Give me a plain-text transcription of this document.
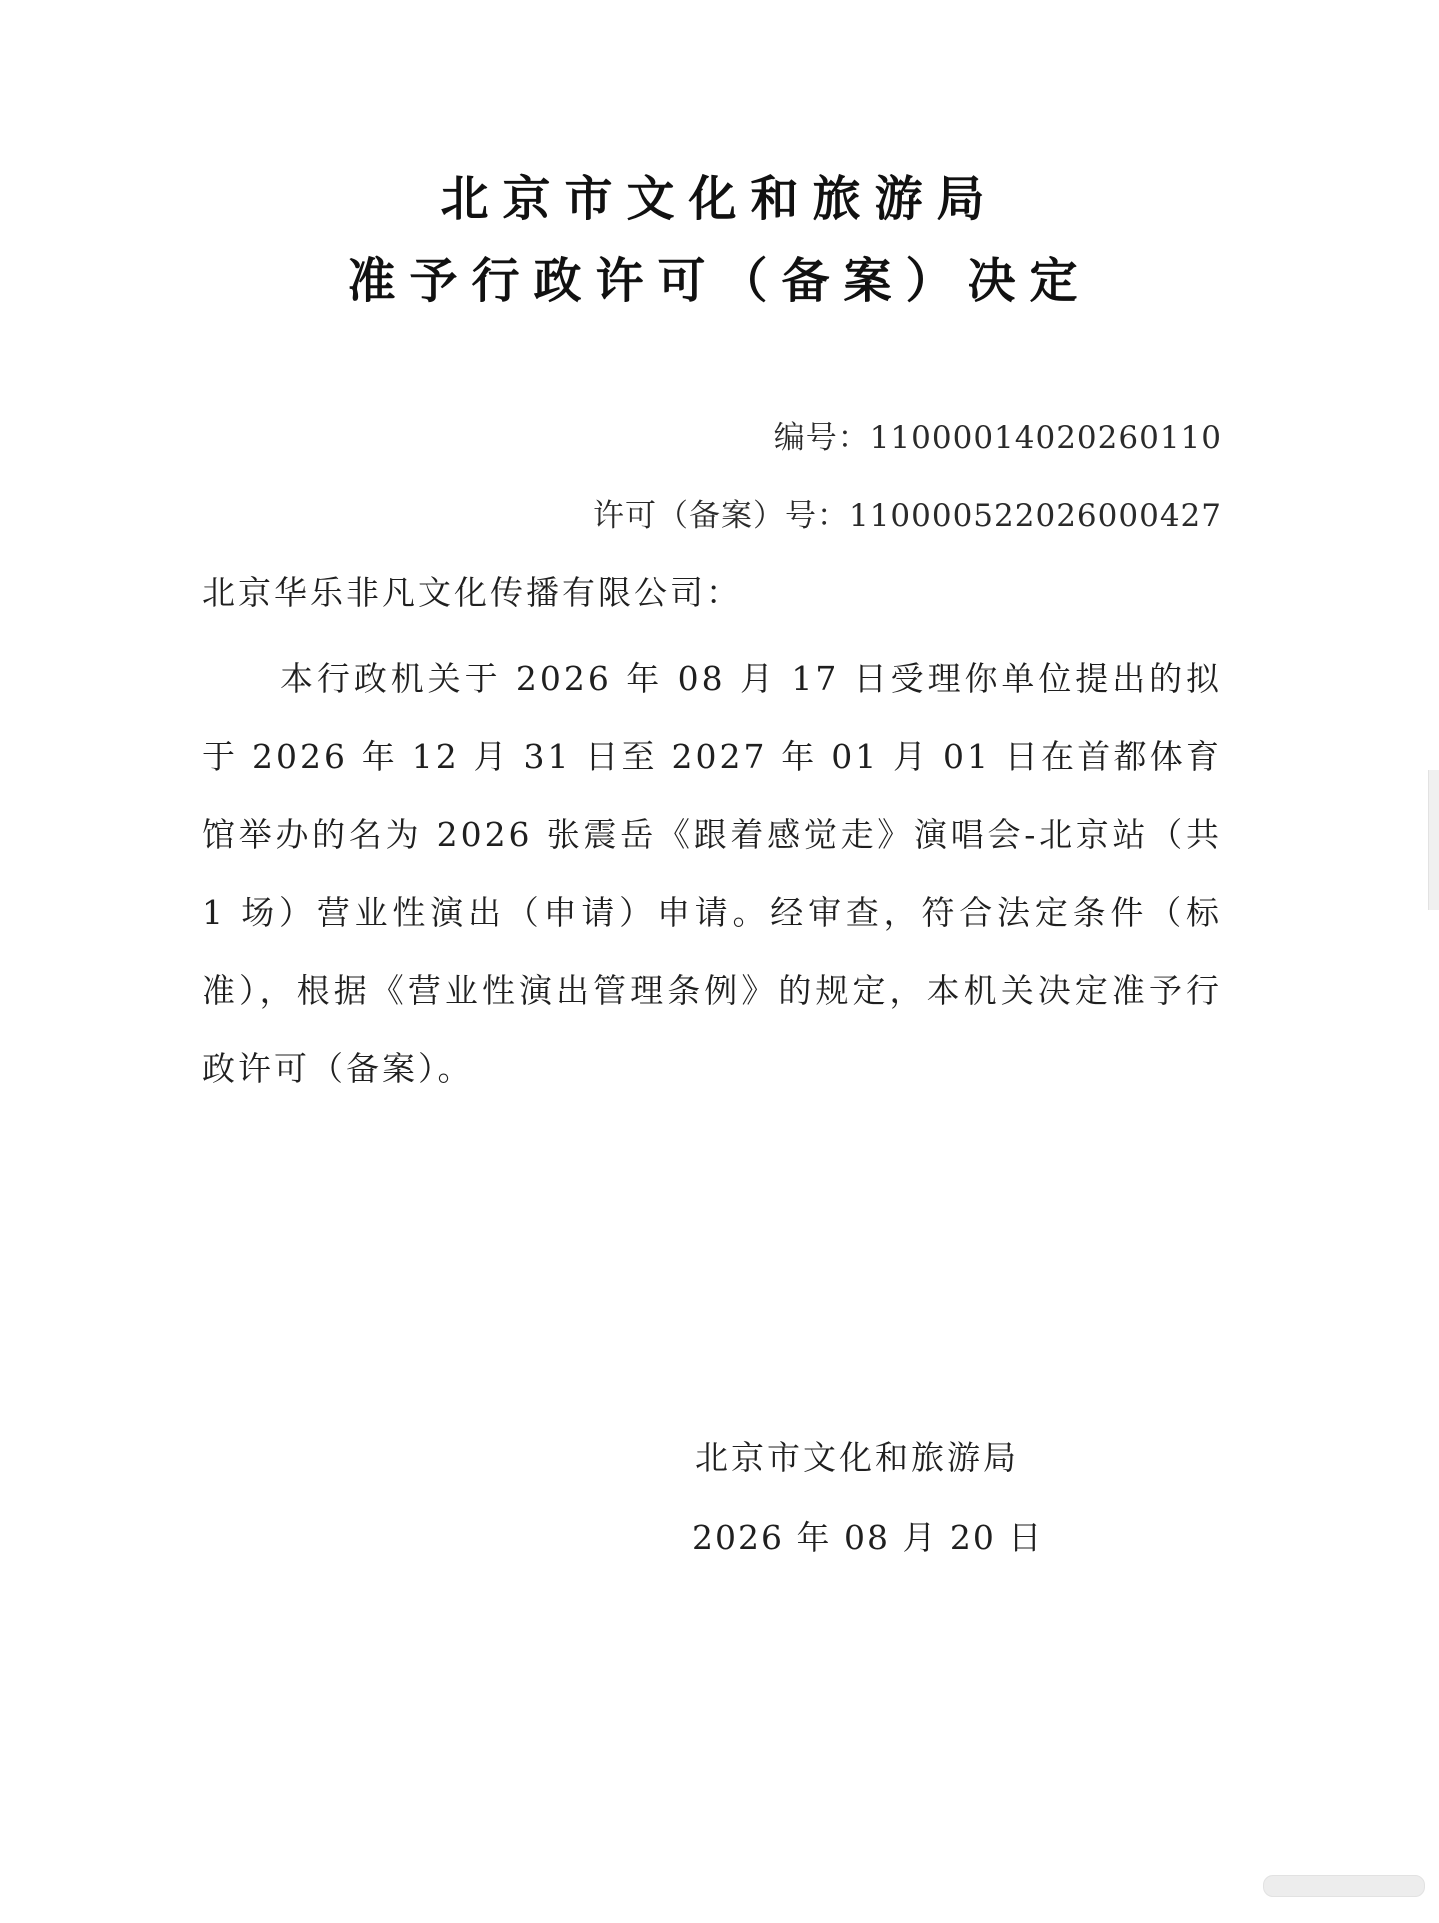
北京市文化和旅游局
准予行政许可（备案）决定
编号：11000014020260110
许可（备案）号：110000522026000427
北京华乐非凡文化传播有限公司：
本行政机关于 2026 年 08 月 17 日受理你单位提出的拟于 2026 年 12 月 31 日至 2027 年 01 月 01 日在首都体育馆举办的名为 2026 张震岳《跟着感觉走》演唱会-北京站（共 1 场）营业性演出（申请）申请。经审查，符合法定条件（标准），根据《营业性演出管理条例》的规定，本机关决定准予行政许可（备案）。
北京市文化和旅游局
2026 年 08 月 20 日
